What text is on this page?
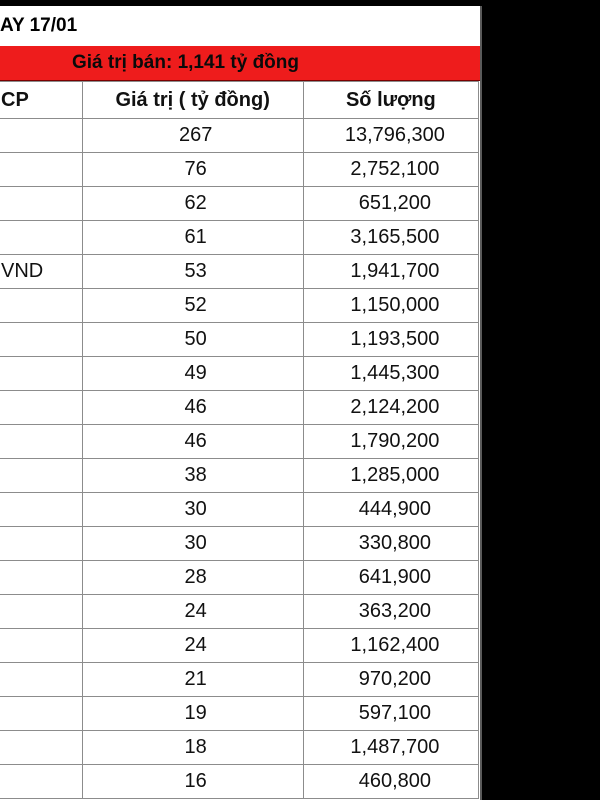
AY 17/01
Giá trị bán: 1,141 tỷ đồng
CP	Giá trị ( tỷ đồng)	Số lượng
	267	13,796,300
	76	2,752,100
	62	651,200
	61	3,165,500
VND	53	1,941,700
	52	1,150,000
	50	1,193,500
	49	1,445,300
	46	2,124,200
	46	1,790,200
	38	1,285,000
	30	444,900
	30	330,800
	28	641,900
	24	363,200
	24	1,162,400
	21	970,200
	19	597,100
	18	1,487,700
	16	460,800
